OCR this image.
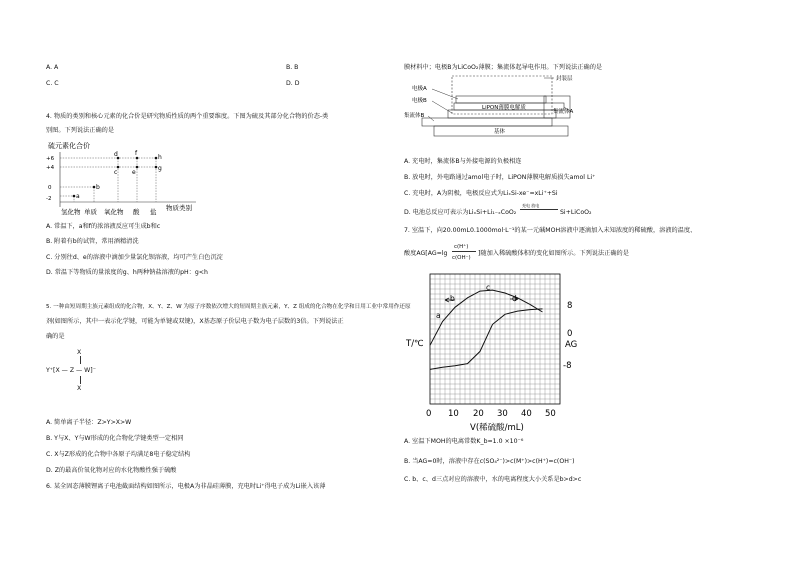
A. A	B. B
C. C	D. D
4. 物质的类别和核心元素的化合价是研究物质性质的两个重要维度。下图为硫及其部分化合物的价态-类
别图。下列说法正确的是
硫元素化合价
+6
+4
0
-2	a
b
c
d
e
f
g
h
氢化物 单质 氧化物 酸 盐 物质类别
A. 常温下，a和f的浓溶液反应可生成b和c
B. 附着有b的试管，常用酒精清洗
C. 分别往d、e的溶液中滴加少量氯化钡溶液，均可产生白色沉淀
D. 常温下等物质的量浓度的g、h两种钠盐溶液的pH：g<h
5. 一种由短周期主族元素组成的化合物，X、Y、Z、W 为原子序数依次增大的短周期主族元素，Y、Z 组成的化合物在化学和日用工业中常用作还原
剂(如图所示，其中一表示化学键，可能为单键或双键)，X基态原子价层电子数为电子层数的3倍。下列说法正
确的是
X
Y⁺[X — Z — W]⁻
X
A. 简单离子半径：Z>Y>X>W
B. Y与X、Y与W形成的化合物化学键类型一定相同
C. X与Z形成的化合物中各原子均满足8电子稳定结构
D. Z的最高价氧化物对应的水化物酸性强于硫酸
6. 某全固态薄膜锂离子电池截面结构如图所示，电极A为非晶硅薄膜，充电时Li⁺得电子成为Li嵌入该薄
膜材料中；电极B为LiCoO₂薄膜；集流体起导电作用。下列说法正确的是
电极A
电极B
集流体B
封装层
集流体A
LiPON薄膜电解质
基体
A. 充电时，集流体B与外接电源的负极相连
B. 放电时，外电路通过amol电子时，LiPON薄膜电解质损失amol Li⁺
C. 充电时，A为阴极，电极反应式为LiₓSi-xe⁻=xLi⁺+Si
D. 电池总反应可表示为LiₓSi+Li₁₋ₓCoO₂
充电 放电
Si+LiCoO₂
7. 室温下，向20.00mL0.1000mol·L⁻¹的某一元碱MOH溶液中逐滴加入未知浓度的稀硫酸，溶液的温度、
酸度AG[AG=lg
c(H⁺)
c(OH⁻)
]随加入稀硫酸体积的变化如图所示。下列说法正确的是
T/℃	AG
8
0
-8
0 10 20 30 40 50
V(稀硫酸/mL)
a
b
c
d
A. 室温下MOH的电离常数K_b=1.0 ×10⁻⁶
B. 当AG=0时，溶液中存在c(SO₄²⁻)>c(M⁺)>c(H⁺)=c(OH⁻)
C. b、c、d三点对应的溶液中，水的电离程度大小关系是b>d>c
